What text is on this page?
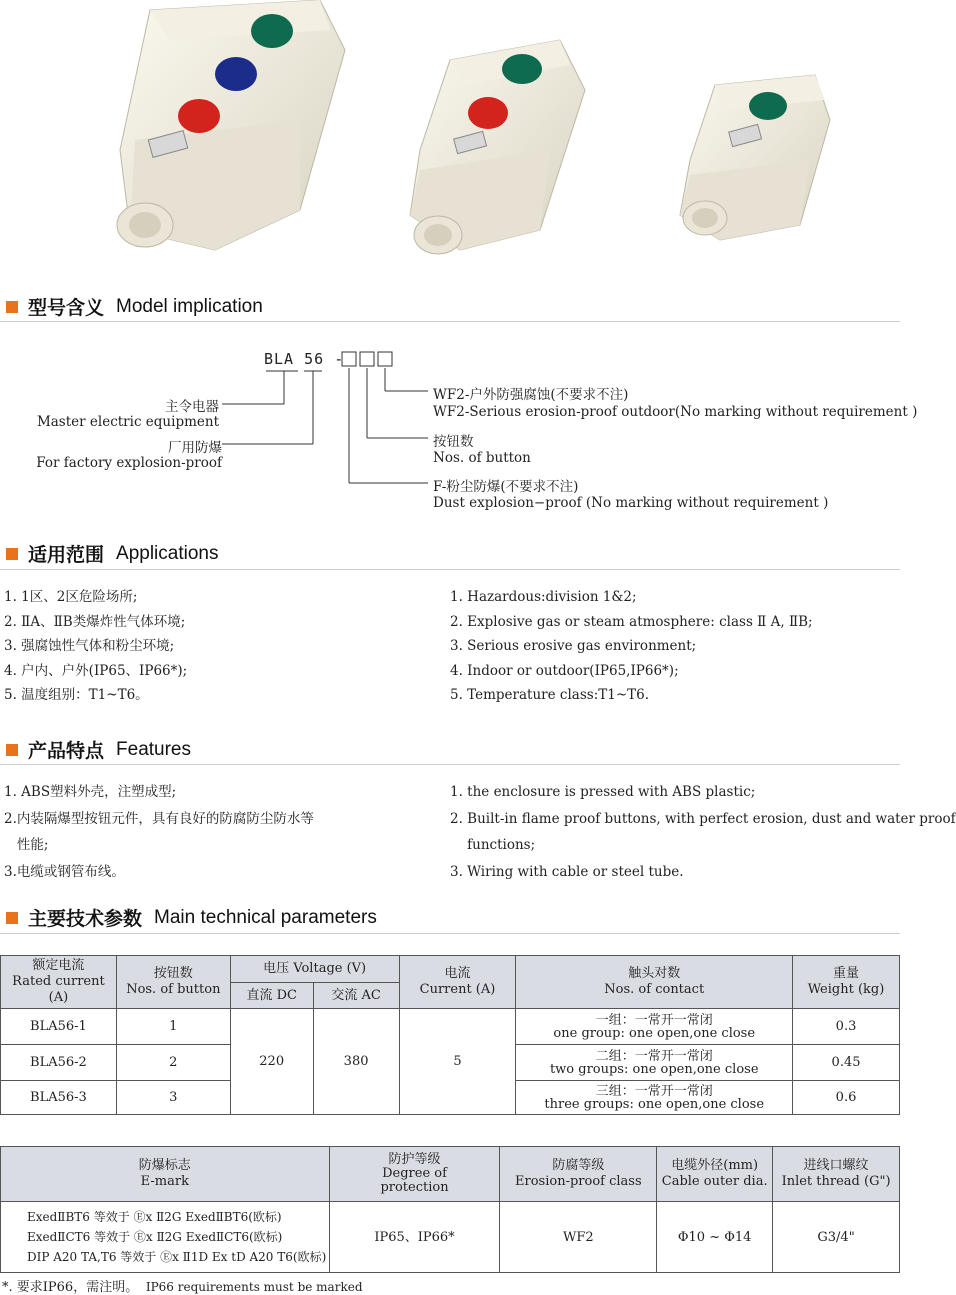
型号含义 Model implication
BLA 56 -
主令电器
Master electric equipment
厂用防爆
For factory explosion-proof
WF2-户外防强腐蚀(不要求不注)
WF2-Serious erosion-proof outdoor(No marking without requirement )
按钮数
Nos. of button
F-粉尘防爆(不要求不注)
Dust explosion−proof (No marking without requirement )
适用范围 Applications
1. 1区、2区危险场所;
2. ⅡA、ⅡB类爆炸性气体环境;
3. 强腐蚀性气体和粉尘环境;
4. 户内、户外(IP65、IP66*);
5. 温度组别：T1~T6。
1. Hazardous:division 1&2;
2. Explosive gas or steam atmosphere: class Ⅱ A, ⅡB;
3. Serious erosive gas environment;
4. Indoor or outdoor(IP65,IP66*);
5. Temperature class:T1~T6.
产品特点 Features
1. ABS塑料外壳，注塑成型;
2.内装隔爆型按钮元件，具有良好的防腐防尘防水等
性能;
3.电缆或钢管布线。
1. the enclosure is pressed with ABS plastic;
2. Built-in flame proof buttons, with perfect erosion, dust and water proof
functions;
3. Wiring with cable or steel tube.
主要技术参数 Main technical parameters
额定电流
Rated current (A)	按钮数
Nos. of button	电压 Voltage (V)		电流
Current (A)	触头对数
Nos. of contact	重量
Weight (kg)
		直流 DC	交流 AC			
BLA56-1	1	220	380	5	一组：一常开一常闭
one group: one open,one close	0.3
BLA56-2	2				二组：一常开一常闭
two groups: one open,one close	0.45
BLA56-3	3				三组：一常开一常闭
three groups: one open,one close	0.6
防爆标志
E-mark	防护等级
Degree of
protection	防腐等级
Erosion-proof class	电缆外径(mm)
Cable outer dia.	进线口螺纹
Inlet thread (G")

ExedⅡBT6 等效于 Ⓔx Ⅱ2G ExedⅡBT6(欧标)
ExedⅡCT6 等效于 Ⓔx Ⅱ2G ExedⅡCT6(欧标)
DIP A20 TA,T6 等效于 Ⓔx Ⅱ1D Ex tD A20 T6(欧标)	IP65、IP66*	WF2	Φ10 ~ Φ14	G3/4"
*. 要求IP66，需注明。 IP66 requirements must be marked
